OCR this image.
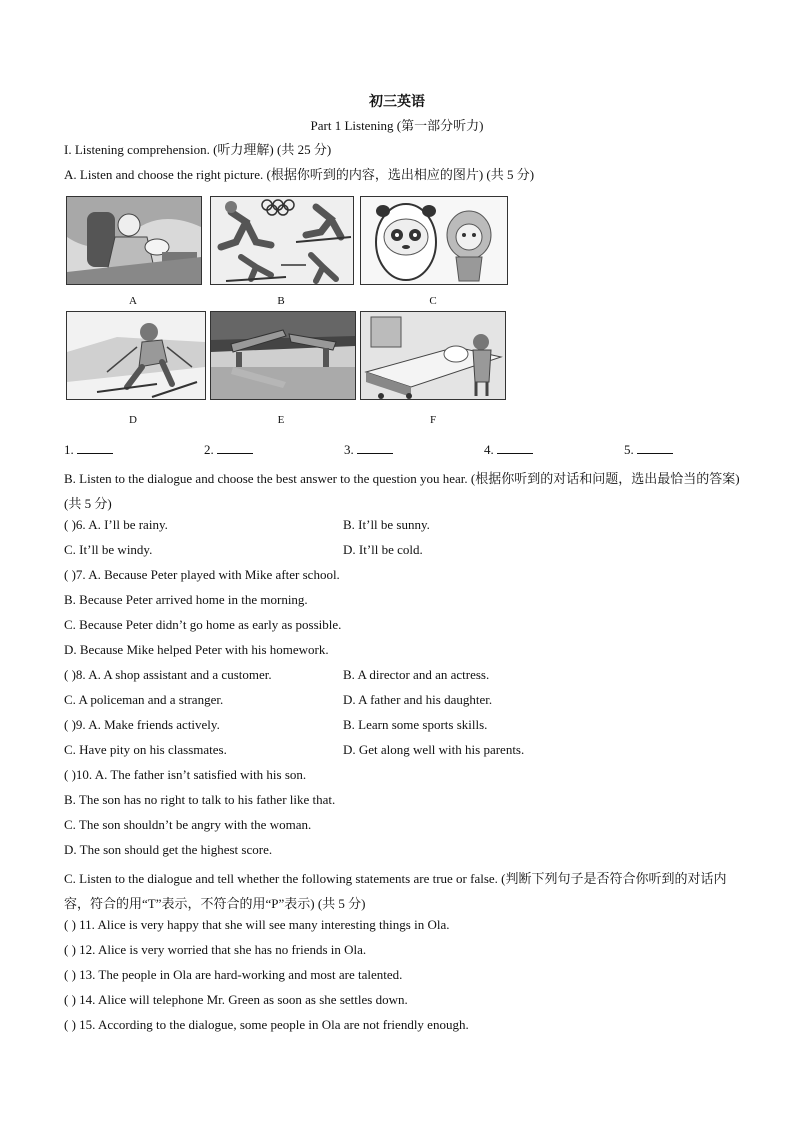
初三英语
Part 1 Listening (第一部分听力)
I. Listening comprehension. (听力理解) (共 25 分)
A. Listen and choose the right picture. (根据你听到的内容，选出相应的图片) (共 5 分)
A	B	C
D	E	F
1.	2.	3.	4.	5.
B. Listen to the dialogue and choose the best answer to the question you hear. (根据你听到的对话和问题，选出最恰当的答案)(共 5 分)
( )6. A. I’ll be rainy.	B. It’ll be sunny.
C. It’ll be windy.	D. It’ll be cold.
( )7. A. Because Peter played with Mike after school.
B. Because Peter arrived home in the morning.
C. Because Peter didn’t go home as early as possible.
D. Because Mike helped Peter with his homework.
( )8. A. A shop assistant and a customer.	B. A director and an actress.
C. A policeman and a stranger.	D. A father and his daughter.
( )9. A. Make friends actively.	B. Learn some sports skills.
C. Have pity on his classmates.	D. Get along well with his parents.
( )10. A. The father isn’t satisfied with his son.
B. The son has no right to talk to his father like that.
C. The son shouldn’t be angry with the woman.
D. The son should get the highest score.
C. Listen to the dialogue and tell whether the following statements are true or false. (判断下列句子是否符合你听到的对话内容，符合的用“T”表示，不符合的用“P”表示) (共 5 分)
( ) 11. Alice is very happy that she will see many interesting things in Ola.
( ) 12. Alice is very worried that she has no friends in Ola.
( ) 13. The people in Ola are hard-working and most are talented.
( ) 14. Alice will telephone Mr. Green as soon as she settles down.
( ) 15. According to the dialogue, some people in Ola are not friendly enough.
